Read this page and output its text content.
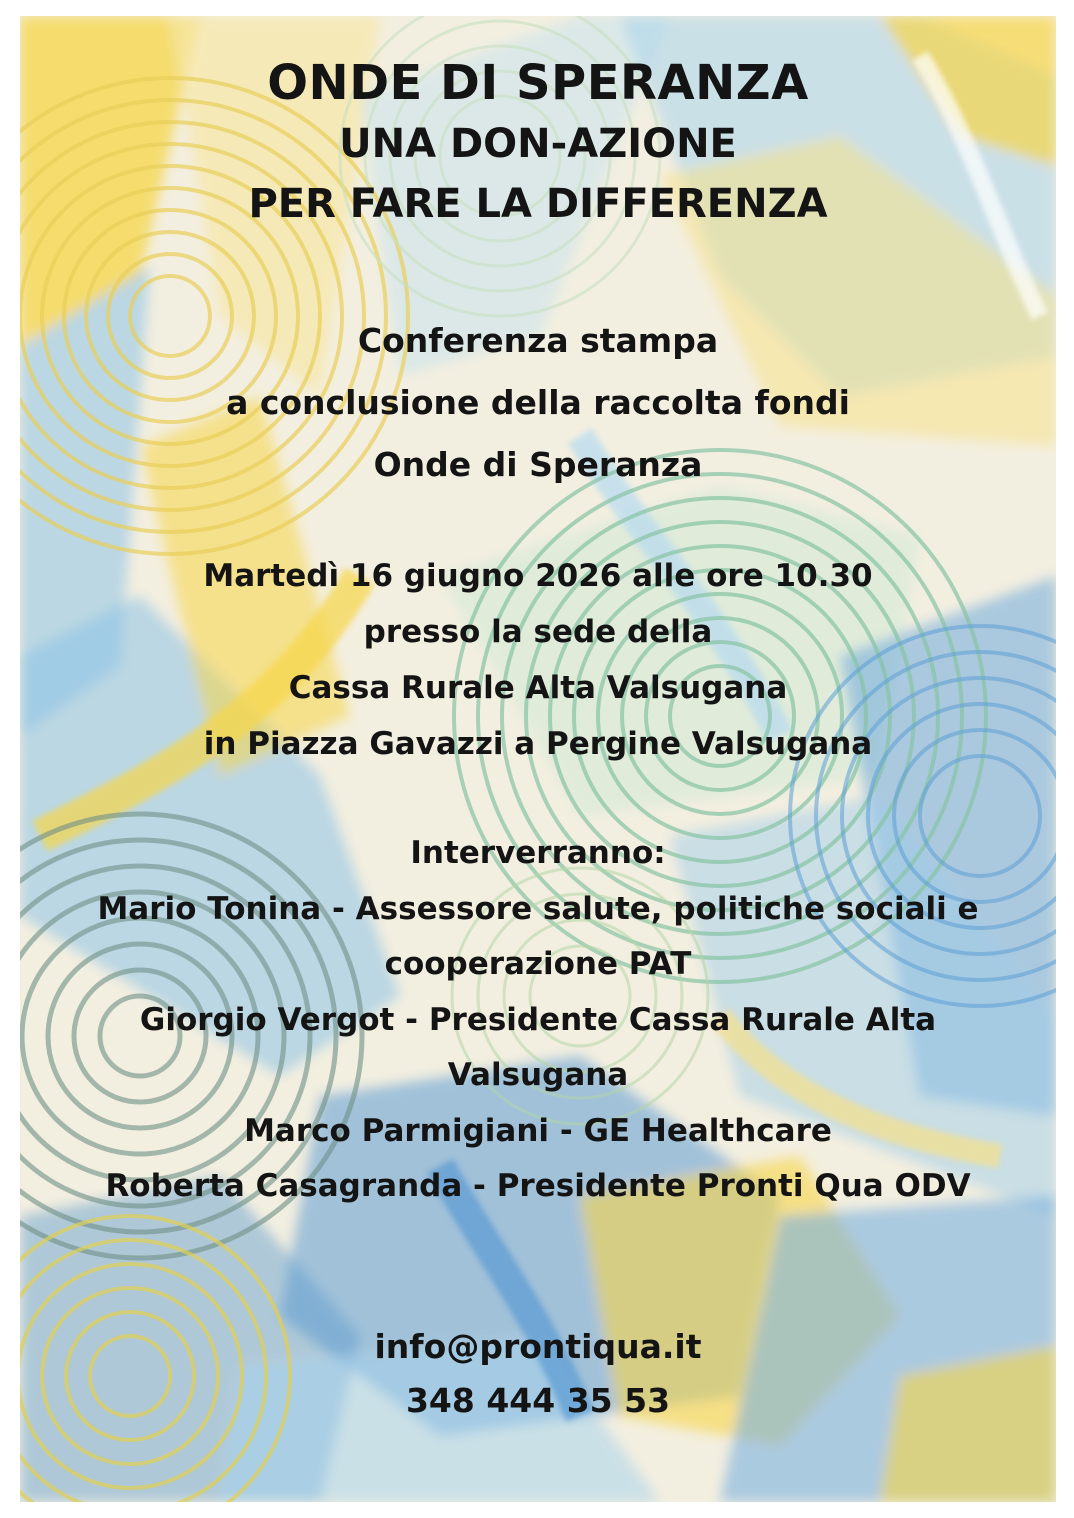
ONDE DI SPERANZA
UNA DON-AZIONE
PER FARE LA DIFFERENZA
Conferenza stampa
a conclusione della raccolta fondi
Onde di Speranza
Martedì 16 giugno 2026 alle ore 10.30
presso la sede della
Cassa Rurale Alta Valsugana
in Piazza Gavazzi a Pergine Valsugana
Interverranno:
Mario Tonina - Assessore salute, politiche sociali e
cooperazione PAT
Giorgio Vergot - Presidente Cassa Rurale Alta
Valsugana
Marco Parmigiani - GE Healthcare
Roberta Casagranda - Presidente Pronti Qua ODV
info@prontiqua.it
348 444 35 53
